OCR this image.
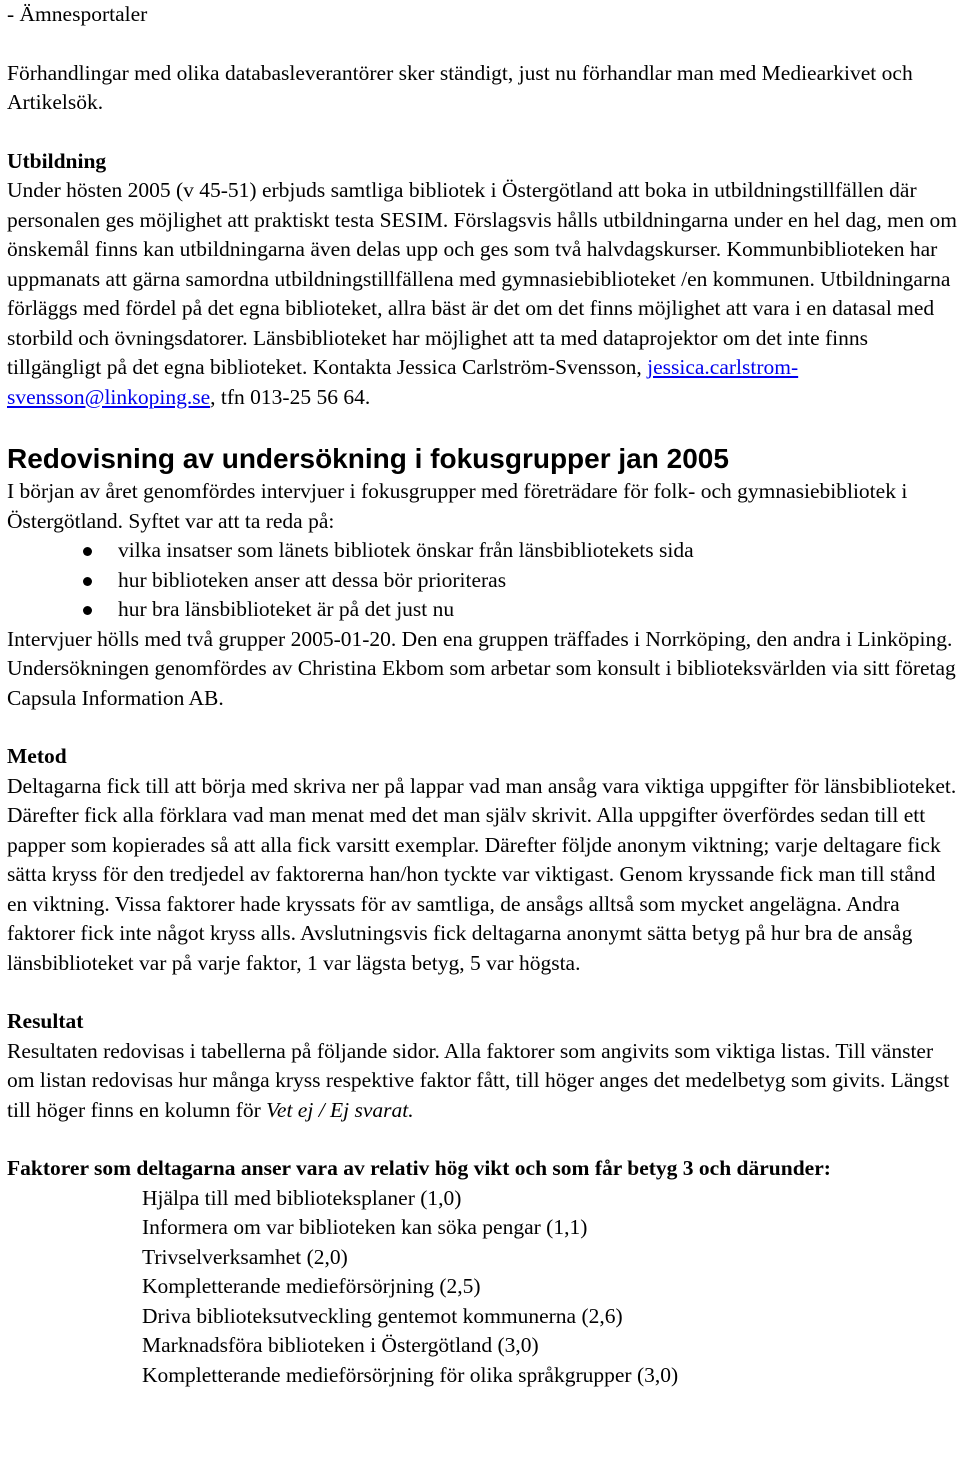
- Ämnesportaler

Förhandlingar med olika databasleverantörer sker ständigt, just nu förhandlar man med Mediearkivet och Artikelsök.

Utbildning

Under hösten 2005 (v 45-51) erbjuds samtliga bibliotek i Östergötland att boka in utbildningstillfällen där personalen ges möjlighet att praktiskt testa SESIM. Förslagsvis hålls utbildningarna under en hel dag, men om önskemål finns kan utbildningarna även delas upp och ges som två halvdagskurser. Kommunbiblioteken har uppmanats att gärna samordna utbildningstillfällena med gymnasiebiblioteket /en kommunen. Utbildningarna förläggs med fördel på det egna biblioteket, allra bäst är det om det finns möjlighet att vara i en datasal med storbild och övningsdatorer. Länsbiblioteket har möjlighet att ta med dataprojektor om det inte finns tillgängligt på det egna biblioteket. Kontakta Jessica Carlström-Svensson, jessica.carlstrom-svensson@linkoping.se, tfn 013-25 56 64.

Redovisning av undersökning i fokusgrupper jan 2005

I början av året genomfördes intervjuer i fokusgrupper med företrädare för folk- och gymnasiebibliotek i Östergötland. Syftet var att ta reda på:

vilka insatser som länets bibliotek önskar från länsbibliotekets sida
hur biblioteken anser att dessa bör prioriteras
hur bra länsbiblioteket är på det just nu

Intervjuer hölls med två grupper 2005-01-20. Den ena gruppen träffades i Norrköping, den andra i Linköping. Undersökningen genomfördes av Christina Ekbom som arbetar som konsult i biblioteksvärlden via sitt företag Capsula Information AB.

Metod

Deltagarna fick till att börja med skriva ner på lappar vad man ansåg vara viktiga uppgifter för länsbiblioteket. Därefter fick alla förklara vad man menat med det man själv skrivit. Alla uppgifter överfördes sedan till ett papper som kopierades så att alla fick varsitt exemplar. Därefter följde anonym viktning; varje deltagare fick sätta kryss för den tredjedel av faktorerna han/hon tyckte var viktigast. Genom kryssande fick man till stånd en viktning. Vissa faktorer hade kryssats för av samtliga, de ansågs alltså som mycket angelägna. Andra faktorer fick inte något kryss alls. Avslutningsvis fick deltagarna anonymt sätta betyg på hur bra de ansåg länsbiblioteket var på varje faktor, 1 var lägsta betyg, 5 var högsta.

Resultat

Resultaten redovisas i tabellerna på följande sidor. Alla faktorer som angivits som viktiga listas. Till vänster om listan redovisas hur många kryss respektive faktor fått, till höger anges det medelbetyg som givits. Längst till höger finns en kolumn för Vet ej / Ej svarat.

Faktorer som deltagarna anser vara av relativ hög vikt och som får betyg 3 och därunder:

Hjälpa till med biblioteksplaner (1,0)
Informera om var biblioteken kan söka pengar (1,1)
Trivselverksamhet (2,0)
Kompletterande medieförsörjning (2,5)
Driva biblioteksutveckling gentemot kommunerna (2,6)
Marknadsföra biblioteken i Östergötland (3,0)
Kompletterande medieförsörjning för olika språkgrupper (3,0)
